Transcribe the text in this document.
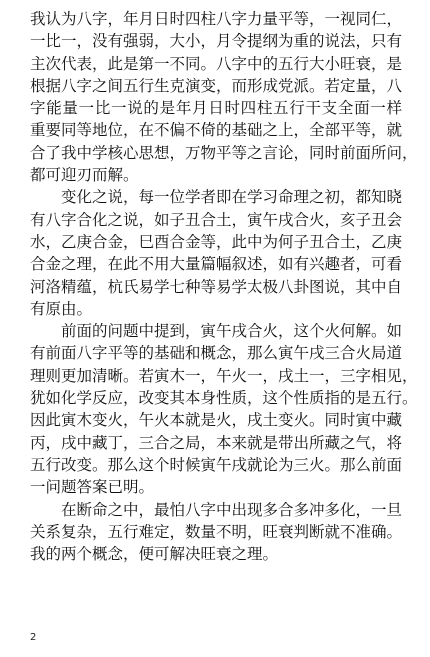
我认为八字，年月日时四柱八字力量平等，一视同仁，
一比一，没有强弱，大小，月令提纲为重的说法，只有
主次代表，此是第一不同。八字中的五行大小旺衰，是
根据八字之间五行生克演变，而形成党派。若定量，八
字能量一比一说的是年月日时四柱五行干支全面一样
重要同等地位，在不偏不倚的基础之上，全部平等，就
合了我中学核心思想，万物平等之言论，同时前面所问，
都可迎刃而解。
变化之说，每一位学者即在学习命理之初，都知晓
有八字合化之说，如子丑合土，寅午戌合火，亥子丑会
水，乙庚合金，巳酉合金等，此中为何子丑合土，乙庚
合金之理，在此不用大量篇幅叙述，如有兴趣者，可看
河洛精蕴，杭氏易学七种等易学太极八卦图说，其中自
有原由。
前面的问题中提到，寅午戌合火，这个火何解。如
有前面八字平等的基础和概念，那么寅午戌三合火局道
理则更加清晰。若寅木一，午火一，戌土一，三字相见，
犹如化学反应，改变其本身性质，这个性质指的是五行。
因此寅木变火，午火本就是火，戌土变火。同时寅中藏
丙，戌中藏丁，三合之局，本来就是带出所藏之气，将
五行改变。那么这个时候寅午戌就论为三火。那么前面
一问题答案已明。
在断命之中，最怕八字中出现多合多冲多化，一旦
关系复杂，五行难定，数量不明，旺衰判断就不准确。
我的两个概念，便可解决旺衰之理。
2
